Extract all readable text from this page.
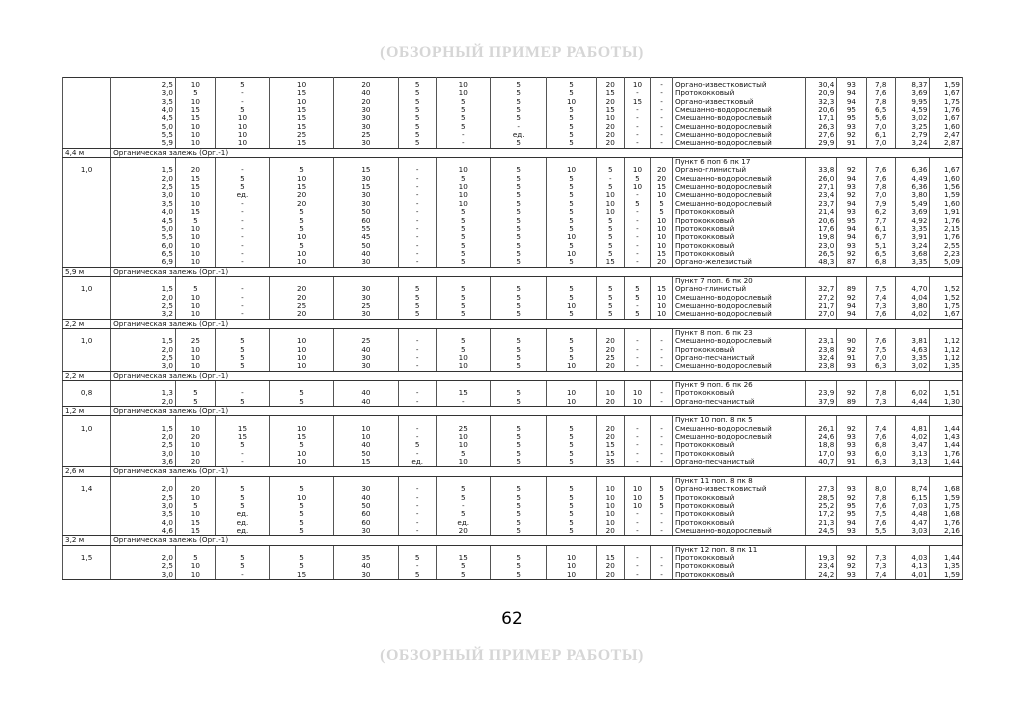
(ОБЗОРНЫЙ ПРИМЕР РАБОТЫ)

	2,5	10	5	10	20	5	10	5	5	20	10	-	Органо-известковистый	30,4	93	7,8	8,37	1,59
	3,0	5	-	15	40	5	10	5	5	15	-	-	Протококковый	20,9	94	7,6	3,69	1,67
	3,5	10	-	10	20	5	5	5	10	20	15	-	Органо-известковый	32,3	94	7,8	9,95	1,75
	4,0	15	5	15	30	5	5	5	5	15	-	-	Смешанно-водорослевый	20,6	95	6,5	4,59	1,76
	4,5	15	10	15	30	5	5	5	5	10	-	-	Смешанно-водорослевый	17,1	95	5,6	3,02	1,67
	5,0	10	10	15	30	5	5	-	5	20	-	-	Смешанно-водорослевый	26,3	93	7,0	3,25	1,60
	5,5	10	10	25	25	5	-	ед.	5	20	-	-	Смешанно-водорослевый	27,6	92	6,1	2,79	2,47
	5,9	10	10	15	30	5	-	5	5	20	-	-	Смешанно-водорослевый	29,9	91	7,0	3,24	2,87
4,4 м	Органическая залежь (Орг.-1)																	
													Пункт 6 поп 6 пк 17					
1,0	1,5	20	-	5	15	-	10	5	10	5	10	20	Органо-глинистый	33,8	92	7,6	6,36	1,67
	2,0	15	5	10	30	-	5	5	5	-	5	20	Смешанно-водорослевый	26,0	94	7,6	4,49	1,60
	2,5	15	5	15	15	-	10	5	5	5	10	15	Смешанно-водорослевый	27,1	93	7,8	6,36	1,56
	3,0	10	ед.	20	30	-	10	5	5	10	-	10	Смешанно-водорослевый	23,4	92	7,0	3,80	1,59
	3,5	10	-	20	30	-	10	5	5	10	5	5	Смешанно-водорослевый	23,7	94	7,9	5,49	1,60
	4,0	15	-	5	50	-	5	5	5	10	-	5	Протококковый	21,4	93	6,2	3,69	1,91
	4,5	5	-	5	60	-	5	5	5	5	-	10	Протококковый	20,6	95	7,7	4,92	1,76
	5,0	10	-	5	55	-	5	5	5	5	-	10	Протококковый	17,6	94	6,1	3,35	2,15
	5,5	10	-	10	45	-	5	5	10	5	-	10	Протококковый	19,8	94	6,7	3,91	1,76
	6,0	10	-	5	50	-	5	5	5	5	-	10	Протококковый	23,0	93	5,1	3,24	2,55
	6,5	10	-	10	40	-	5	5	10	5	-	15	Протококковый	26,5	92	6,5	3,68	2,23
	6,9	10	-	10	30	-	5	5	5	15	-	20	Органо-железистый	48,3	87	6,8	3,35	5,09
5,9 м	Органическая залежь (Орг.-1)																	
													Пункт 7 поп. 6 пк 20					
1,0	1,5	5	-	20	30	5	5	5	5	5	5	15	Органо-глинистый	32,7	89	7,5	4,70	1,52
	2,0	10	-	20	30	5	5	5	5	5	5	10	Смешанно-водорослевый	27,2	92	7,4	4,04	1,52
	2,5	10	-	25	25	5	5	5	10	5	-	10	Смешанно-водорослевый	21,7	94	7,3	3,80	1,75
	3,2	10	-	20	30	5	5	5	5	5	5	10	Смешанно-водорослевый	27,0	94	7,6	4,02	1,67
2,2 м	Органическая залежь (Орг.-1)																	
													Пункт 8 поп. 6 пк 23					
1,0	1,5	25	5	10	25	-	5	5	5	20	-	-	Смешанно-водорослевый	23,1	90	7,6	3,81	1,12
	2,0	10	5	10	40	-	5	5	5	20	-	-	Протококковый	23,8	92	7,5	4,63	1,12
	2,5	10	5	10	30	-	10	5	5	25	-	-	Органо-песчанистый	32,4	91	7,0	3,35	1,12
	3,0	10	5	10	30	-	10	5	10	20	-	-	Смешанно-водорослевый	23,8	93	6,3	3,02	1,35
2,2 м	Органическая залежь (Орг.-1)																	
													Пункт 9 поп. 6 пк 26					
0,8	1,3	5	-	5	40	-	15	5	10	10	10	-	Протококковый	23,9	92	7,8	6,02	1,51
	2,0	5	5	5	40	-	-	5	10	20	10	-	Органо-песчанистый	37,9	89	7,3	4,44	1,30
1,2 м	Органическая залежь (Орг.-1)																	
													Пункт 10 поп. 8 пк 5					
1,0	1,5	10	15	10	10	-	25	5	5	20	-	-	Смешанно-водорослевый	26,1	92	7,4	4,81	1,44
	2,0	20	15	15	10	-	10	5	5	20	-	-	Смешанно-водорослевый	24,6	93	7,6	4,02	1,43
	2,5	10	5	5	40	5	10	5	5	15	-	-	Протококковый	18,8	93	6,8	3,47	1,44
	3,0	10	-	10	50	-	5	5	5	15	-	-	Протококковый	17,0	93	6,0	3,13	1,76
	3,6	20	-	10	15	ед.	10	5	5	35	-	-	Органо-песчанистый	40,7	91	6,3	3,13	1,44
2,6 м	Органическая залежь (Орг.-1)																	
													Пункт 11 поп. 8 пк 8					
1,4	2,0	20	5	5	30	-	5	5	5	10	10	5	Органо-известковистый	27,3	93	8,0	8,74	1,68
	2,5	10	5	10	40	-	5	5	5	10	10	5	Протококковый	28,5	92	7,8	6,15	1,59
	3,0	5	5	5	50	-	-	5	5	10	10	5	Протококковый	25,2	95	7,6	7,03	1,75
	3,5	10	ед.	5	60	-	5	5	5	10	-	-	Протококковый	17,2	95	7,5	4,48	1,68
	4,0	15	ед.	5	60	-	ед.	5	5	10	-	-	Протококковый	21,3	94	7,6	4,47	1,76
	4,6	15	ед.	5	30	-	20	5	5	20	-	-	Смешанно-водорослевый	24,5	93	5,5	3,03	2,16
3,2 м	Органическая залежь (Орг.-1)																	
													Пункт 12 поп. 8 пк 11					
1,5	2,0	5	5	5	35	5	15	5	10	15	-	-	Протококковый	19,3	92	7,3	4,03	1,44
	2,5	10	5	5	40	-	5	5	10	20	-	-	Протококковый	23,4	92	7,3	4,13	1,35
	3,0	10	-	15	30	5	5	5	10	20	-	-	Протококковый	24,2	93	7,4	4,01	1,59
62
(ОБЗОРНЫЙ ПРИМЕР РАБОТЫ)
